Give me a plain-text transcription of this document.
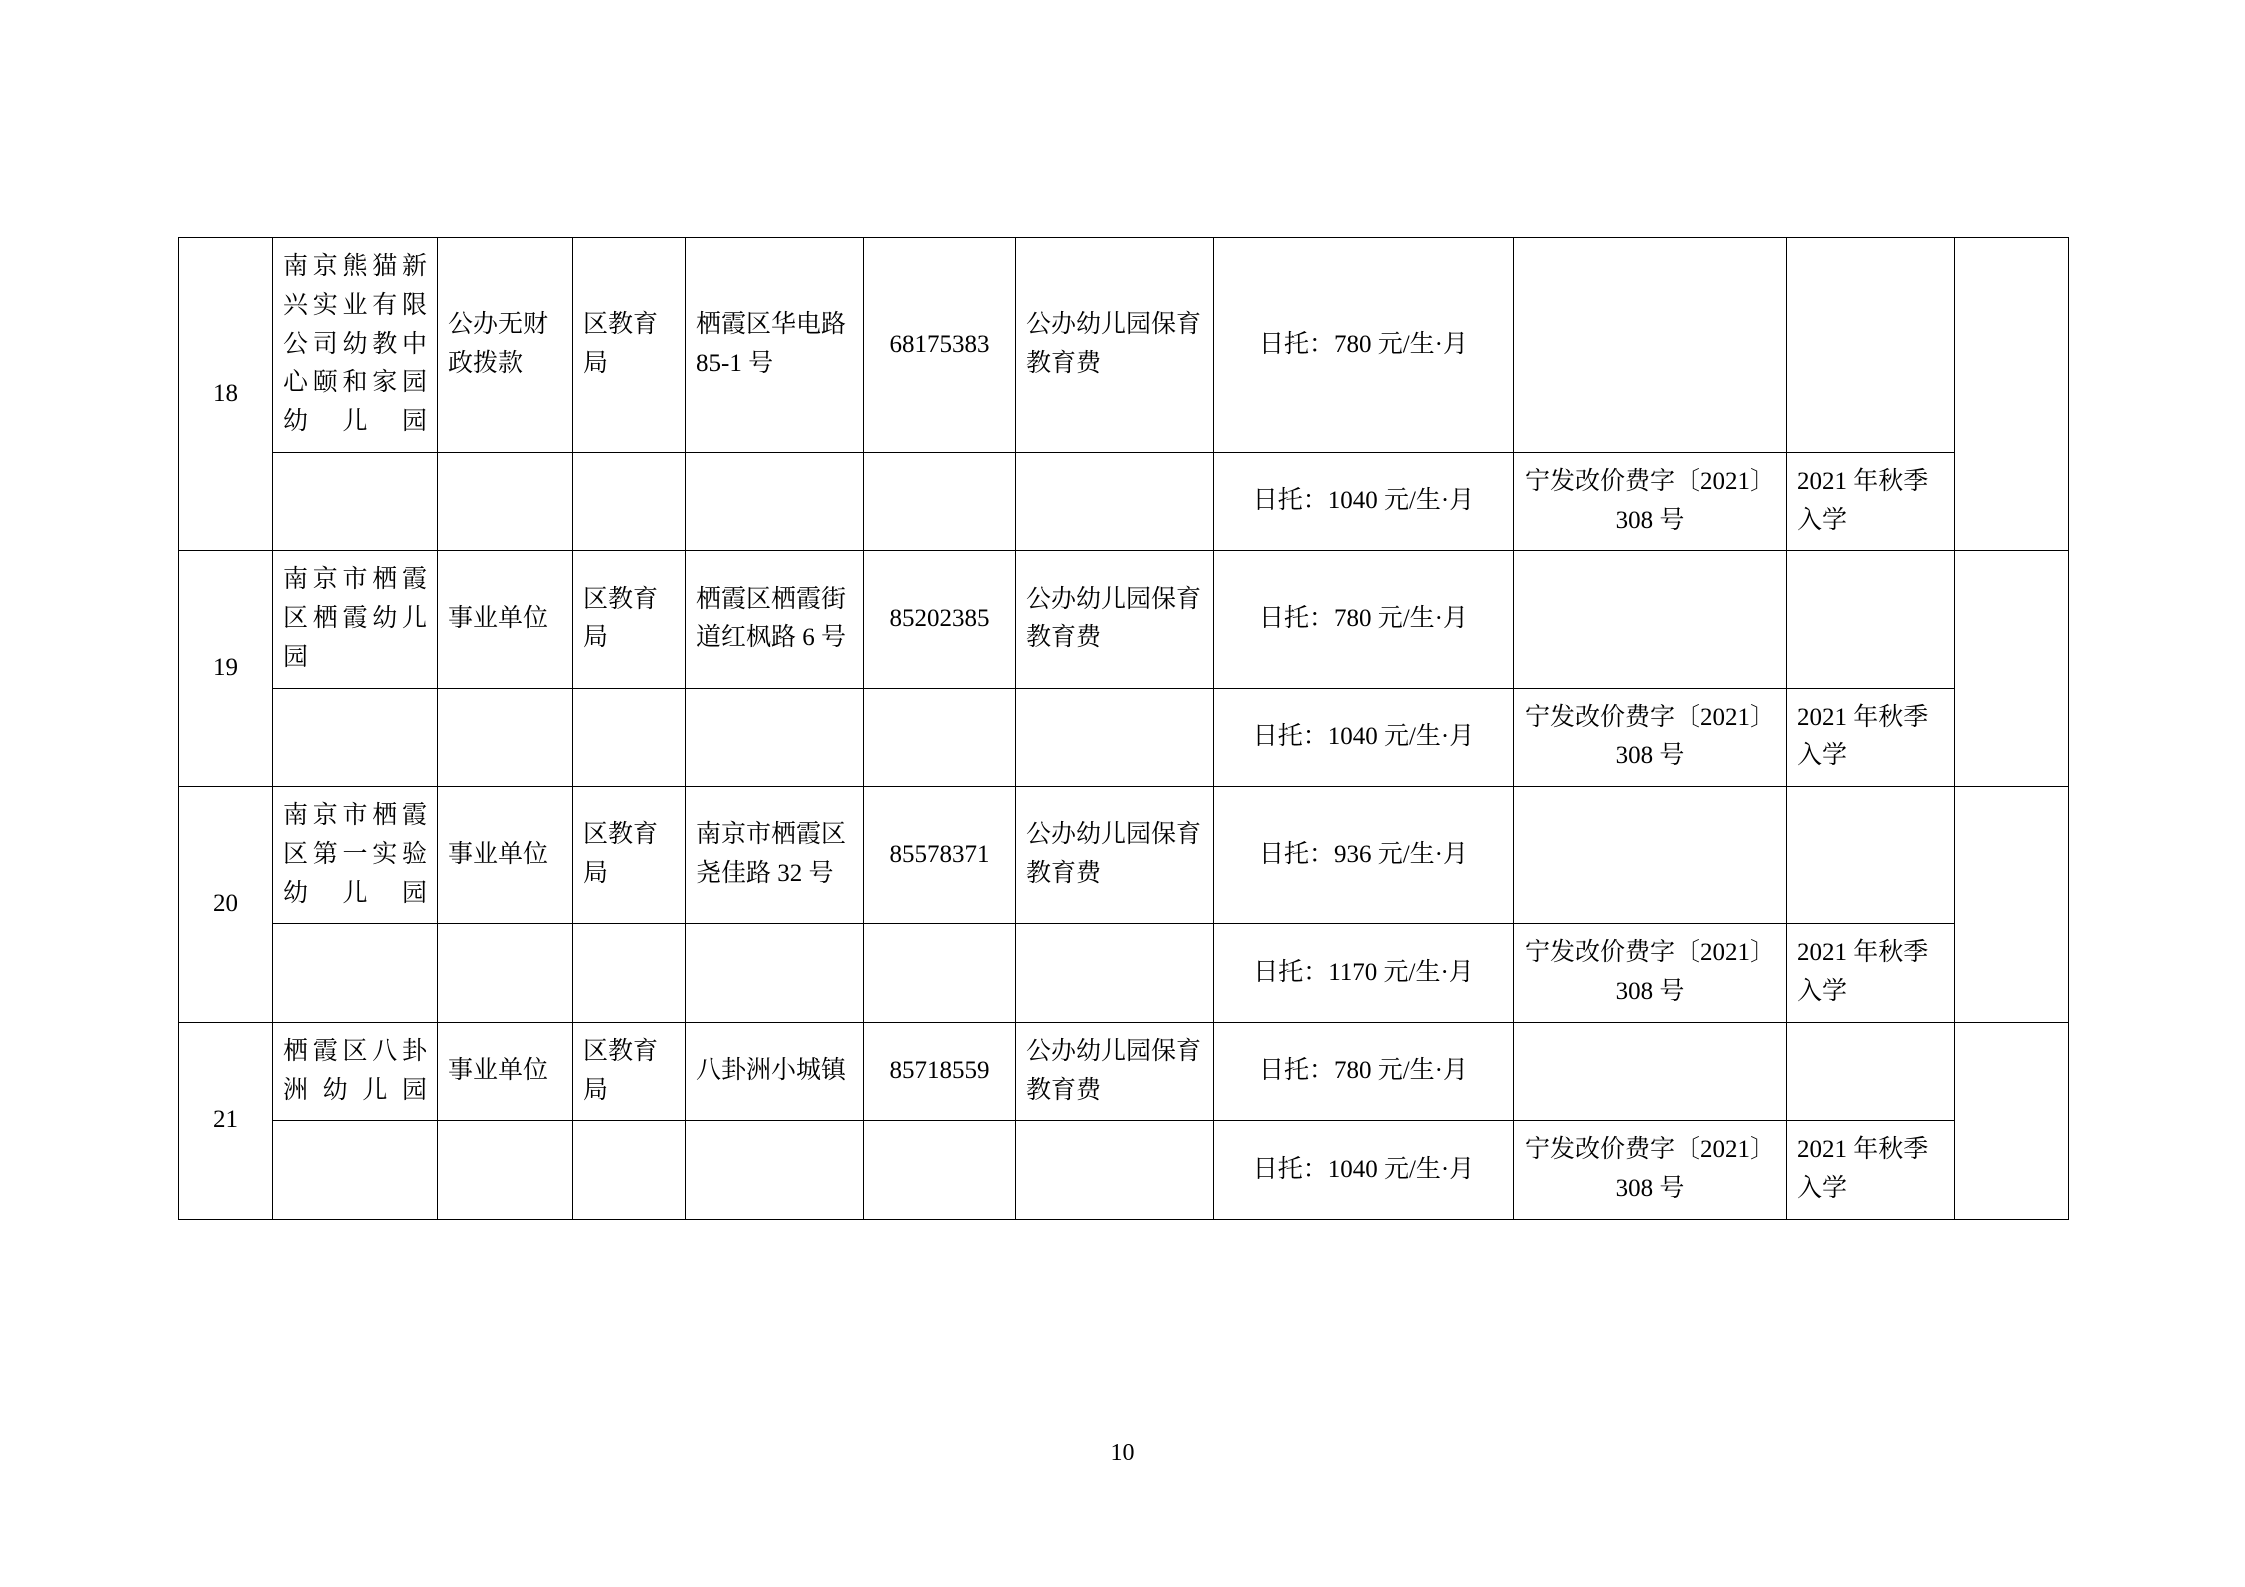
18	南京熊猫新兴实业有限公司幼教中心颐和家园幼儿园	公办无财政拨款	区教育局	栖霞区华电路 85-1 号	68175383	公办幼儿园保育教育费	日托：780 元/生·月			
							日托：1040 元/生·月	宁发改价费字〔2021〕308 号	2021 年秋季入学	
19	南京市栖霞区栖霞幼儿园	事业单位	区教育局	栖霞区栖霞街道红枫路 6 号	85202385	公办幼儿园保育教育费	日托：780 元/生·月			
							日托：1040 元/生·月	宁发改价费字〔2021〕308 号	2021 年秋季入学	
20	南京市栖霞区第一实验幼儿园	事业单位	区教育局	南京市栖霞区尧佳路 32 号	85578371	公办幼儿园保育教育费	日托：936 元/生·月			
							日托：1170 元/生·月	宁发改价费字〔2021〕308 号	2021 年秋季入学	
21	栖霞区八卦洲幼儿园	事业单位	区教育局	八卦洲小城镇	85718559	公办幼儿园保育教育费	日托：780 元/生·月			
							日托：1040 元/生·月	宁发改价费字〔2021〕308 号	2021 年秋季入学	
10
